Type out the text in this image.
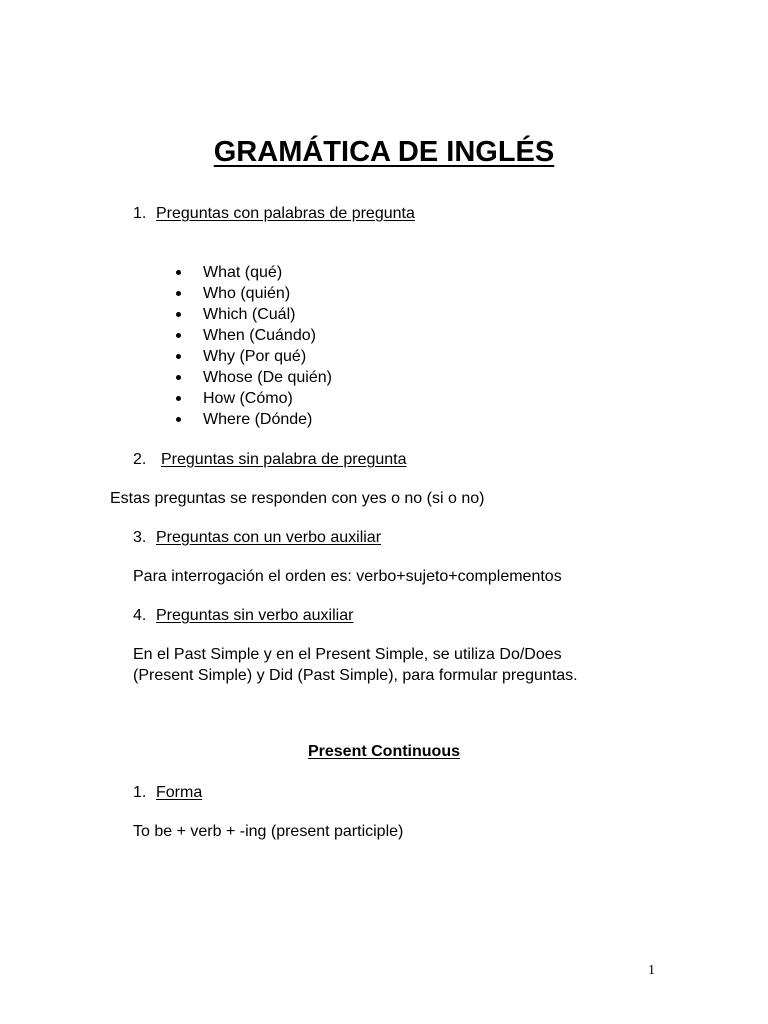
GRAMÁTICA DE INGLÉS
1. Preguntas con palabras de pregunta
What (qué)
Who (quién)
Which (Cuál)
When (Cuándo)
Why (Por qué)
Whose (De quién)
How (Cómo)
Where (Dónde)
2. Preguntas sin palabra de pregunta
Estas preguntas se responden con yes o no (si o no)
3. Preguntas con un verbo auxiliar
Para interrogación el orden es: verbo+sujeto+complementos
4. Preguntas sin verbo auxiliar
En el Past Simple y en el Present Simple, se utiliza Do/Does
(Present Simple) y Did (Past Simple), para formular preguntas.
Present Continuous
1. Forma
To be + verb + -ing (present participle)
1
